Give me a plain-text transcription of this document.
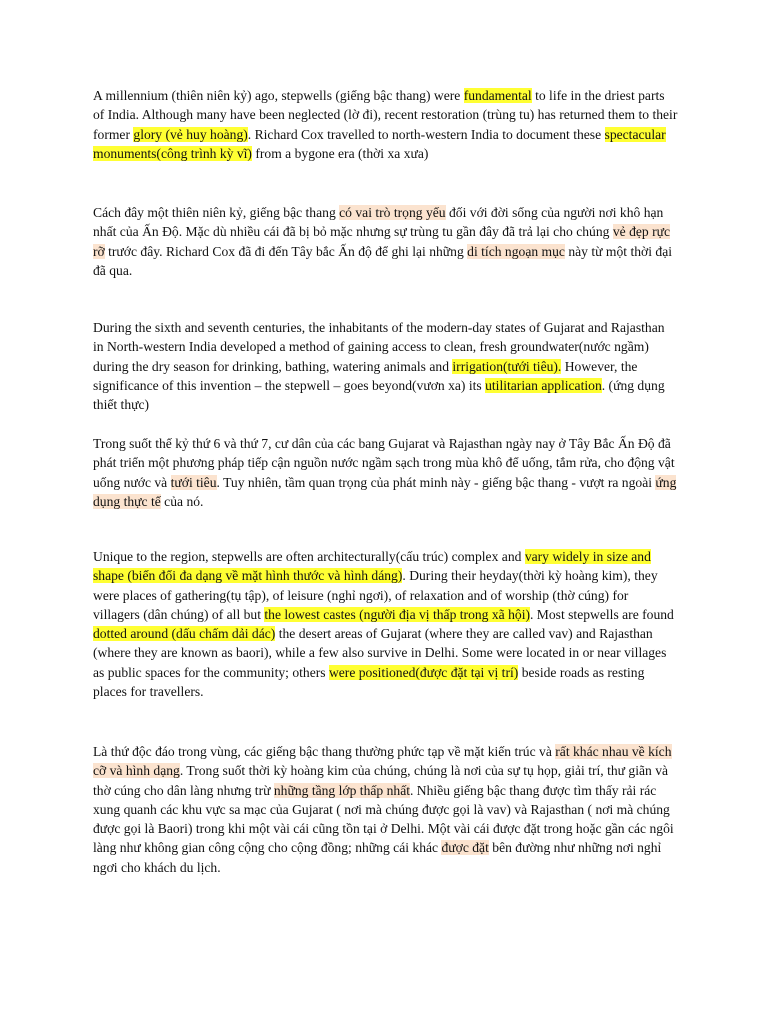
A millennium (thiên niên kỷ) ago, stepwells (giếng bậc thang) were fundamental to life in the driest parts of India. Although many have been neglected (lờ đi), recent restoration (trùng tu) has returned them to their former glory (vẻ huy hoàng). Richard Cox travelled to north-western India to document these spectacular monuments(công trình kỳ vĩ) from a bygone era (thời xa xưa)

Cách đây một thiên niên kỷ, giếng bậc thang có vai trò trọng yếu đối với đời sống của người nơi khô hạn nhất của Ấn Độ. Mặc dù nhiều cái đã bị bỏ mặc nhưng sự trùng tu gần đây đã trả lại cho chúng vẻ đẹp rực rỡ trước đây. Richard Cox đã đi đến Tây bắc Ấn độ để ghi lại những di tích ngoạn mục này từ một thời đại đã qua.

During the sixth and seventh centuries, the inhabitants of the modern-day states of Gujarat and Rajasthan in North-western India developed a method of gaining access to clean, fresh groundwater(nước ngầm) during the dry season for drinking, bathing, watering animals and irrigation(tưới tiêu). However, the significance of this invention – the stepwell – goes beyond(vươn xa) its utilitarian application. (ứng dụng thiết thực)

Trong suốt thế kỷ thứ 6 và thứ 7, cư dân của các bang Gujarat và Rajasthan ngày nay ở Tây Bắc Ấn Độ đã phát triển một phương pháp tiếp cận nguồn nước ngầm sạch trong mùa khô để uống, tắm rửa, cho động vật uống nước và tưới tiêu. Tuy nhiên, tầm quan trọng của phát minh này - giếng bậc thang - vượt ra ngoài ứng dụng thực tế của nó.

Unique to the region, stepwells are often architecturally(cấu trúc) complex and vary widely in size and shape (biến đổi đa dạng về mặt hình thước và hình dáng). During their heyday(thời kỳ hoàng kim), they were places of gathering(tụ tập), of leisure (nghỉ ngơi), of relaxation and of worship (thờ cúng) for villagers (dân chúng) of all but the lowest castes (người địa vị thấp trong xã hội). Most stepwells are found dotted around (dấu chấm dải dác) the desert areas of Gujarat (where they are called vav) and Rajasthan (where they are known as baori), while a few also survive in Delhi. Some were located in or near villages as public spaces for the community; others were positioned(được đặt tại vị trí) beside roads as resting places for travellers.

Là thứ độc đáo trong vùng, các giếng bậc thang thường phức tạp về mặt kiến trúc và rất khác nhau về kích cỡ và hình dạng. Trong suốt thời kỳ hoàng kim của chúng, chúng là nơi của sự tụ họp, giải trí, thư giãn và thờ cúng cho dân làng nhưng trừ những tầng lớp thấp nhất. Nhiều giếng bậc thang được tìm thấy rải rác xung quanh các khu vực sa mạc của Gujarat ( nơi mà chúng được gọi là vav) và Rajasthan ( nơi mà chúng được gọi là Baori) trong khi một vài cái cũng tồn tại ở Delhi. Một vài cái được đặt trong hoặc gần các ngôi làng như không gian công cộng cho cộng đồng; những cái khác được đặt bên đường như những nơi nghỉ ngơi cho khách du lịch.
